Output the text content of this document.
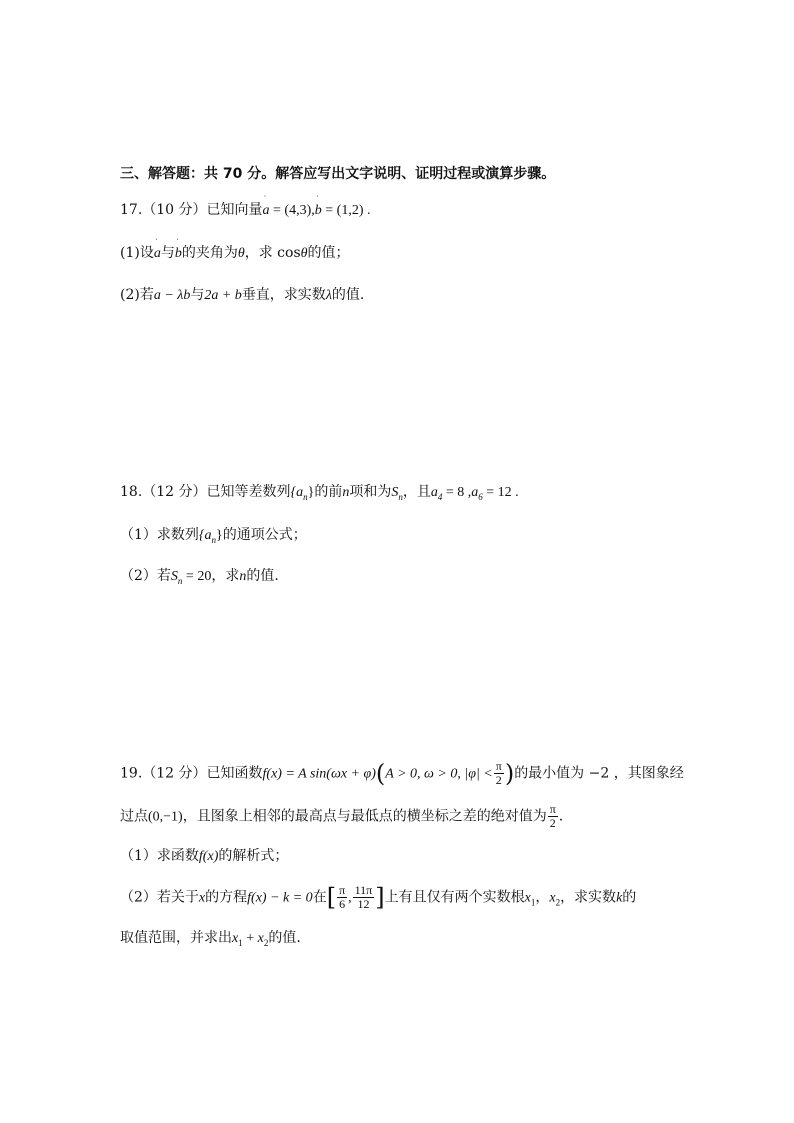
三、解答题：共 70 分。解答应写出文字说明、证明过程或演算步骤。
17.（10 分）已知向量ˈ a = (4,3),ˈ b = (1,2) .
(1)设ˈ a与ˈ b的夹角为θ，求 cosθ的值；
(2)若a − λb与2a + b垂直，求实数λ的值.
18.（12 分）已知等差数列$\{a_n\}$的前n项和为$S_n$，且$a_4 = 8$ $,a_6 = 12$ .
（1）求数列$\{a_n\}$的通项公式；
（2）若$S_n = 20$，求n的值.
19.（12 分）已知函数f(x) = A sin(ωx + φ)(A > 0, ω > 0, $|\varphi| < \frac{\pi}{2}$ )的最小值为 −2 ，其图象经
过点(0,−1)，且图象上相邻的最高点与最低点的横坐标之差的绝对值为 $\frac{\pi}{2}$ .
（1）求函数f(x)的解析式；
（2）若关于x的方程f(x) − k = 0在[ $\frac{\pi}{6}$ , $\frac{11\pi}{12}$ ]上有且仅有两个实数根$x_1$，$x_2$，求实数k的
取值范围，并求出$x_1 + x_2$的值.
